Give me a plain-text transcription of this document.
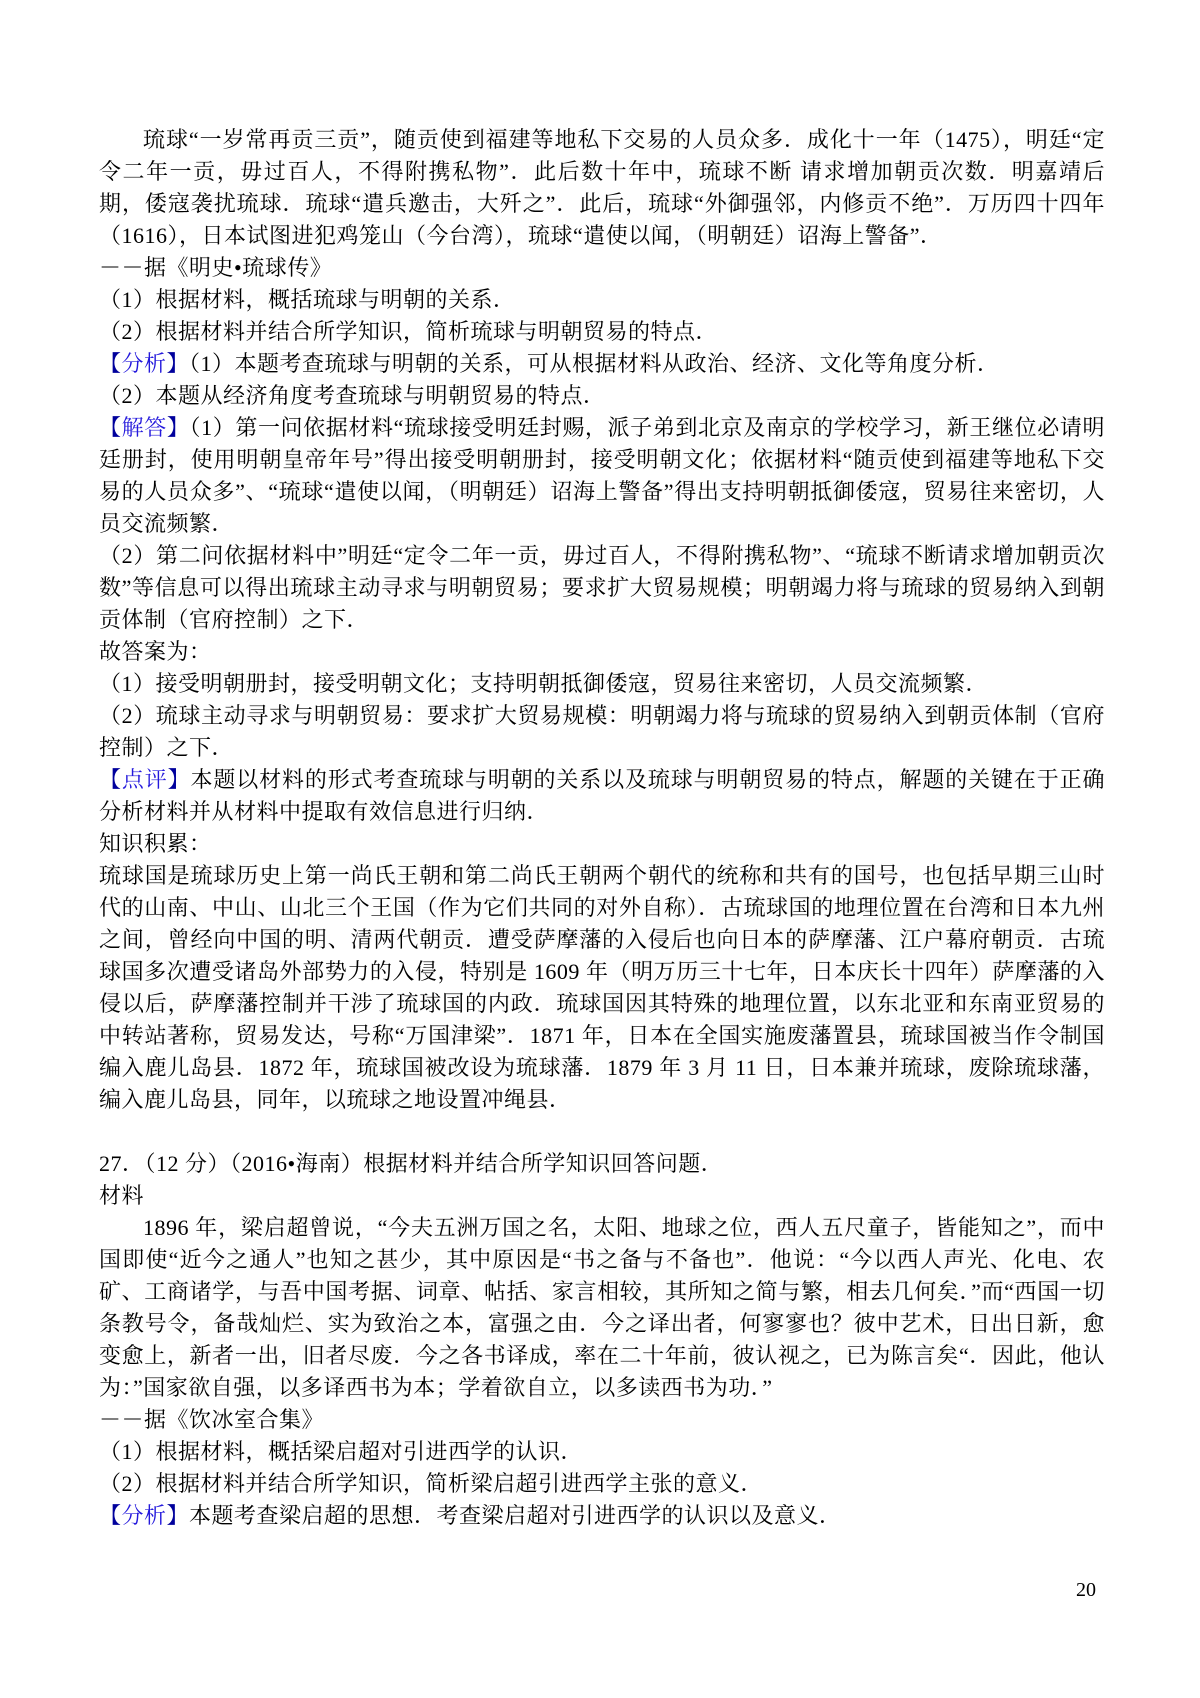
琉球“一岁常再贡三贡”，随贡使到福建等地私下交易的人员众多．成化十一年（1475），明廷“定令二年一贡，毋过百人，不得附携私物”．此后数十年中，琉球不断 请求增加朝贡次数．明嘉靖后期，倭寇袭扰琉球．琉球“遣兵邀击，大歼之”．此后，琉球“外御强邻，内修贡不绝”．万历四十四年（1616），日本试图进犯鸡笼山（今台湾），琉球“遣使以闻，（明朝廷）诏海上警备”．

－－据《明史•琉球传》

（1）根据材料，概括琉球与明朝的关系．

（2）根据材料并结合所学知识，简析琉球与明朝贸易的特点．

【分析】（1）本题考查琉球与明朝的关系，可从根据材料从政治、经济、文化等角度分析．

（2）本题从经济角度考查琉球与明朝贸易的特点．

【解答】（1）第一问依据材料“琉球接受明廷封赐，派子弟到北京及南京的学校学习，新王继位必请明廷册封，使用明朝皇帝年号”得出接受明朝册封，接受明朝文化；依据材料“随贡使到福建等地私下交易的人员众多”、“琉球“遣使以闻，（明朝廷）诏海上警备”得出支持明朝抵御倭寇，贸易往来密切，人员交流频繁．

（2）第二问依据材料中”明廷“定令二年一贡，毋过百人，不得附携私物”、“琉球不断请求增加朝贡次数”等信息可以得出琉球主动寻求与明朝贸易；要求扩大贸易规模；明朝竭力将与琉球的贸易纳入到朝贡体制（官府控制）之下．

故答案为：

（1）接受明朝册封，接受明朝文化；支持明朝抵御倭寇，贸易往来密切，人员交流频繁．

（2）琉球主动寻求与明朝贸易：要求扩大贸易规模：明朝竭力将与琉球的贸易纳入到朝贡体制（官府控制）之下．

【点评】本题以材料的形式考查琉球与明朝的关系以及琉球与明朝贸易的特点，解题的关键在于正确分析材料并从材料中提取有效信息进行归纳．

知识积累：

琉球国是琉球历史上第一尚氏王朝和第二尚氏王朝两个朝代的统称和共有的国号，也包括早期三山时代的山南、中山、山北三个王国（作为它们共同的对外自称）．古琉球国的地理位置在台湾和日本九州之间，曾经向中国的明、清两代朝贡．遭受萨摩藩的入侵后也向日本的萨摩藩、江户幕府朝贡．古琉球国多次遭受诸岛外部势力的入侵，特别是 1609 年（明万历三十七年，日本庆长十四年）萨摩藩的入侵以后，萨摩藩控制并干涉了琉球国的内政．琉球国因其特殊的地理位置，以东北亚和东南亚贸易的中转站著称，贸易发达，号称“万国津梁”．1871 年，日本在全国实施废藩置县，琉球国被当作令制国编入鹿儿岛县．1872 年，琉球国被改设为琉球藩．1879 年 3 月 11 日，日本兼并琉球，废除琉球藩，编入鹿儿岛县，同年，以琉球之地设置冲绳县．

27．（12 分）（2016•海南）根据材料并结合所学知识回答问题．

材料

1896 年，梁启超曾说，“今夫五洲万国之名，太阳、地球之位，西人五尺童子，皆能知之”，而中国即使“近今之通人”也知之甚少，其中原因是“书之备与不备也”．他说：“今以西人声光、化电、农矿、工商诸学，与吾中国考据、词章、帖括、家言相较，其所知之简与繁，相去几何矣．”而“西国一切条教号令，备哉灿烂、实为致治之本，富强之由．今之译出者，何寥寥也？彼中艺术，日出日新，愈变愈上，新者一出，旧者尽废．今之各书译成，率在二十年前，彼认视之，已为陈言矣“．因此，他认为：”国家欲自强，以多译西书为本；学着欲自立，以多读西书为功．”

－－据《饮冰室合集》

（1）根据材料，概括梁启超对引进西学的认识．

（2）根据材料并结合所学知识，简析梁启超引进西学主张的意义．

【分析】本题考查梁启超的思想．考查梁启超对引进西学的认识以及意义．

20
